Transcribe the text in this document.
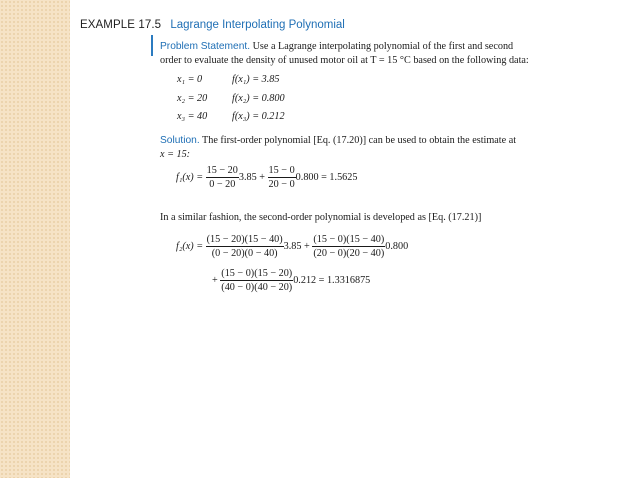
EXAMPLE 17.5 Lagrange Interpolating Polynomial
Problem Statement. Use a Lagrange interpolating polynomial of the first and second
order to evaluate the density of unused motor oil at T = 15 °C based on the following data:
x₁ = 0	f(x₁) = 3.85
x₂ = 20	f(x₂) = 0.800
x₃ = 40	f(x₃) = 0.212
Solution. The first-order polynomial [Eq. (17.20)] can be used to obtain the estimate at
x = 15:
$f_1(x) = \frac{15 - 20}{0 - 20} 3.85 + \frac{15 - 0}{20 - 0} 0.800 = 1.5625$
In a similar fashion, the second-order polynomial is developed as [Eq. (17.21)]
$f_2(x) = \frac{(15 - 20)(15 - 40)}{(0 - 20)(0 - 40)} 3.85 + \frac{(15 - 0)(15 - 40)}{(20 - 0)(20 - 40)} 0.800$
+ $\frac{(15 - 0)(15 - 20)}{(40 - 0)(40 - 20)} 0.212 = 1.3316875$
